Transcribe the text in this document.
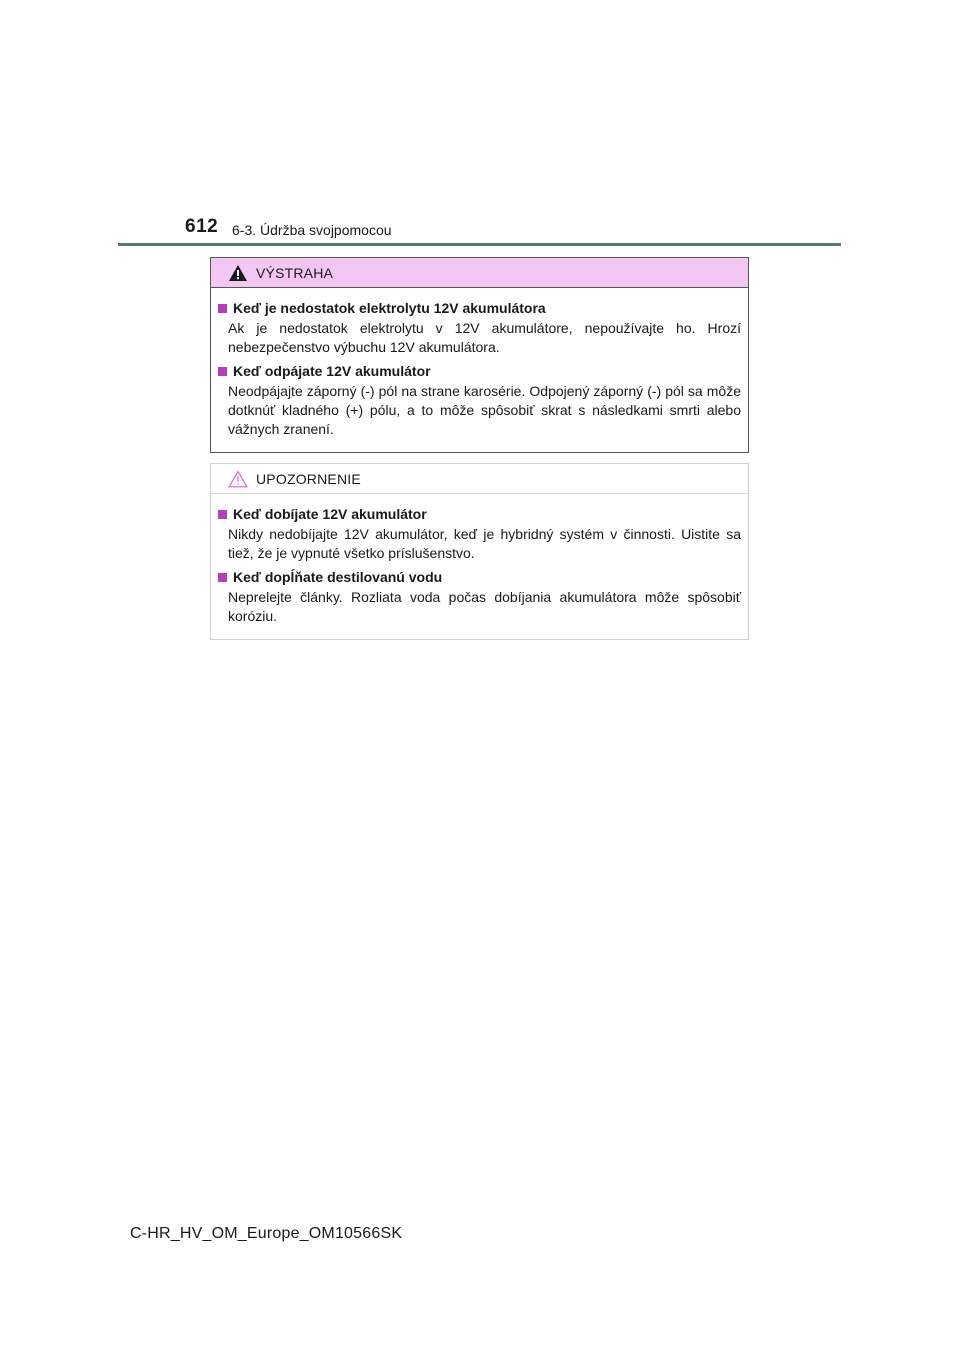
612 6-3. Údržba svojpomocou
VÝSTRAHA
Keď je nedostatok elektrolytu 12V akumulátora
Ak je nedostatok elektrolytu v 12V akumulátore, nepoužívajte ho. Hrozí nebezpečenstvo výbuchu 12V akumulátora.
Keď odpájate 12V akumulátor
Neodpájajte záporný (-) pól na strane karosérie. Odpojený záporný (-) pól sa môže dotknúť kladného (+) pólu, a to môže spôsobiť skrat s následkami smrti alebo vážnych zranení.
UPOZORNENIE
Keď dobíjate 12V akumulátor
Nikdy nedobíjajte 12V akumulátor, keď je hybridný systém v činnosti. Uistite sa tiež, že je vypnuté všetko príslušenstvo.
Keď dopĺňate destilovanú vodu
Neprelejte články. Rozliata voda počas dobíjania akumulátora môže spôsobiť koróziu.
C-HR_HV_OM_Europe_OM10566SK
